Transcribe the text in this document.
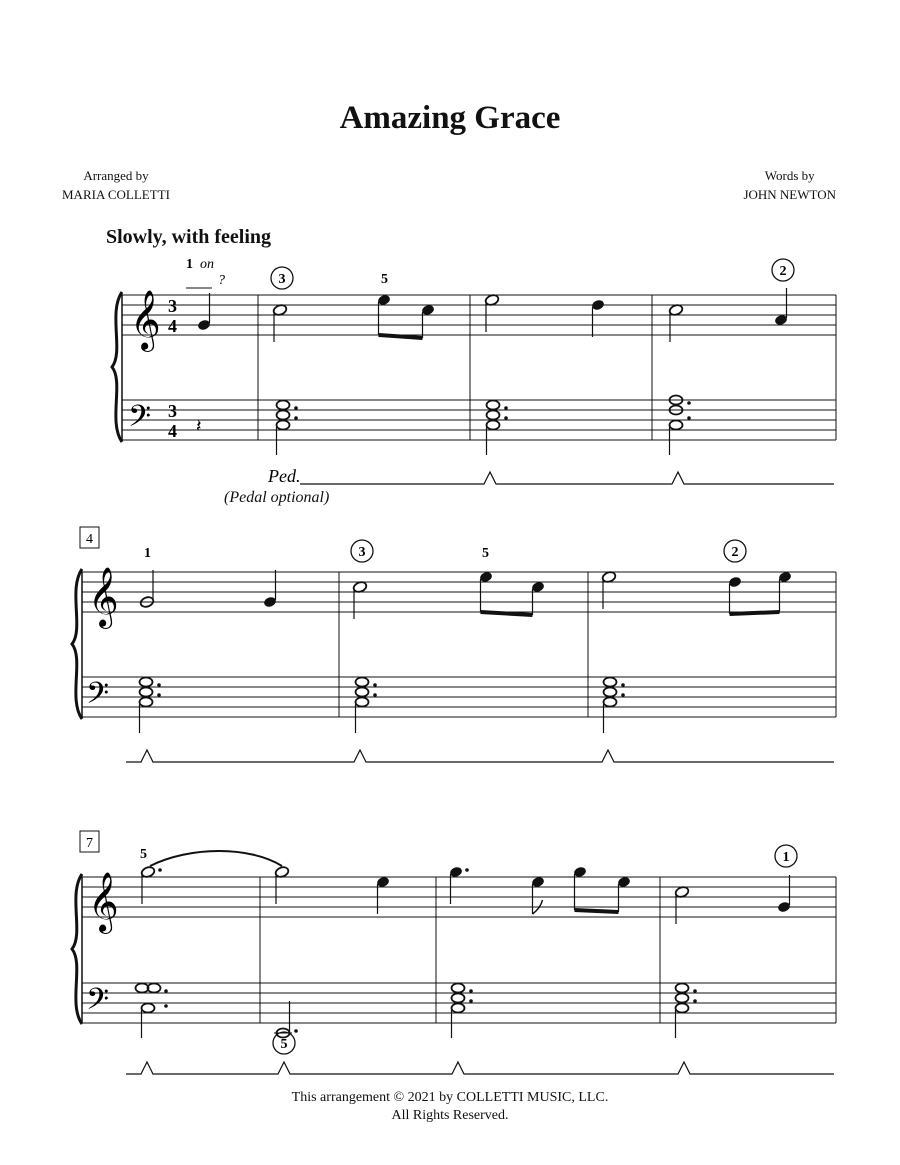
Amazing Grace
Arranged by
MARIA COLLETTI
Words by
JOHN NEWTON
Slowly, with feeling
(Pedal optional)
𝄞
𝄢
3
4
3
4
1 on
?
𝄽
3	5
2
Ped.
4
𝄞
𝄢
1	3	5	2
7
𝄞
𝄢
5	1
5
This arrangement © 2021 by COLLETTI MUSIC, LLC.
All Rights Reserved.
